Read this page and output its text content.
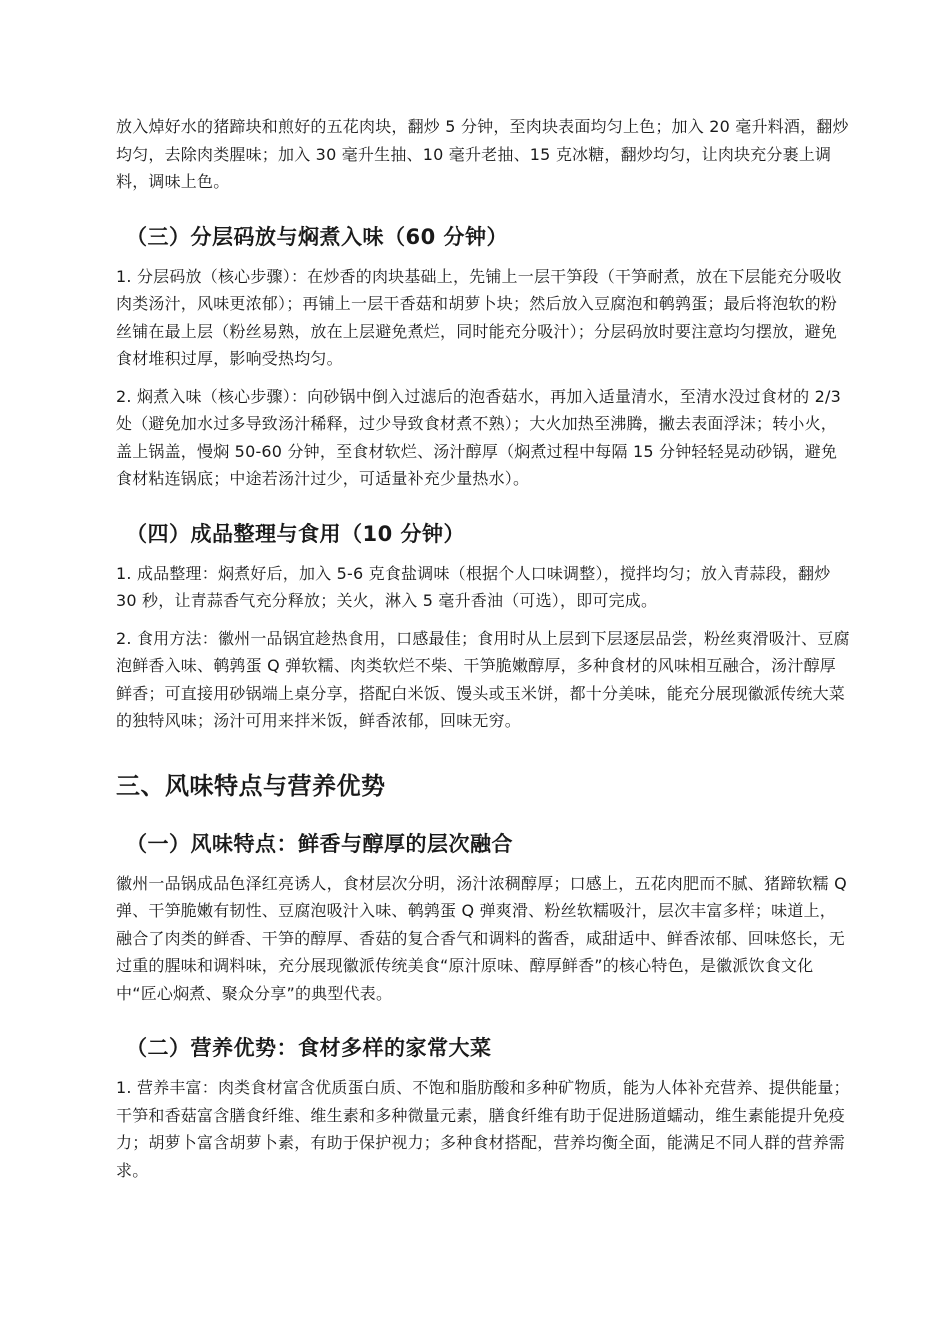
放入焯好水的猪蹄块和煎好的五花肉块，翻炒 5 分钟，至肉块表面均匀上色；加入 20 毫升料酒，翻炒均匀，去除肉类腥味；加入 30 毫升生抽、10 毫升老抽、15 克冰糖，翻炒均匀，让肉块充分裹上调料，调味上色。

（三）分层码放与焖煮入味（60 分钟）

1. 分层码放（核心步骤）：在炒香的肉块基础上，先铺上一层干笋段（干笋耐煮，放在下层能充分吸收肉类汤汁，风味更浓郁）；再铺上一层干香菇和胡萝卜块；然后放入豆腐泡和鹌鹑蛋；最后将泡软的粉丝铺在最上层（粉丝易熟，放在上层避免煮烂，同时能充分吸汁）；分层码放时要注意均匀摆放，避免食材堆积过厚，影响受热均匀。

2. 焖煮入味（核心步骤）：向砂锅中倒入过滤后的泡香菇水，再加入适量清水，至清水没过食材的 2/3 处（避免加水过多导致汤汁稀释，过少导致食材煮不熟）；大火加热至沸腾，撇去表面浮沫；转小火，盖上锅盖，慢焖 50-60 分钟，至食材软烂、汤汁醇厚（焖煮过程中每隔 15 分钟轻轻晃动砂锅，避免食材粘连锅底；中途若汤汁过少，可适量补充少量热水）。

（四）成品整理与食用（10 分钟）

1. 成品整理：焖煮好后，加入 5-6 克食盐调味（根据个人口味调整），搅拌均匀；放入青蒜段，翻炒 30 秒，让青蒜香气充分释放；关火，淋入 5 毫升香油（可选），即可完成。

2. 食用方法：徽州一品锅宜趁热食用，口感最佳；食用时从上层到下层逐层品尝，粉丝爽滑吸汁、豆腐泡鲜香入味、鹌鹑蛋 Q 弹软糯、肉类软烂不柴、干笋脆嫩醇厚，多种食材的风味相互融合，汤汁醇厚鲜香；可直接用砂锅端上桌分享，搭配白米饭、馒头或玉米饼，都十分美味，能充分展现徽派传统大菜的独特风味；汤汁可用来拌米饭，鲜香浓郁，回味无穷。

三、风味特点与营养优势
（一）风味特点：鲜香与醇厚的层次融合

徽州一品锅成品色泽红亮诱人，食材层次分明，汤汁浓稠醇厚；口感上，五花肉肥而不腻、猪蹄软糯 Q 弹、干笋脆嫩有韧性、豆腐泡吸汁入味、鹌鹑蛋 Q 弹爽滑、粉丝软糯吸汁，层次丰富多样；味道上，融合了肉类的鲜香、干笋的醇厚、香菇的复合香气和调料的酱香，咸甜适中、鲜香浓郁、回味悠长，无过重的腥味和调料味，充分展现徽派传统美食“原汁原味、醇厚鲜香”的核心特色，是徽派饮食文化中“匠心焖煮、聚众分享”的典型代表。

（二）营养优势：食材多样的家常大菜

1. 营养丰富：肉类食材富含优质蛋白质、不饱和脂肪酸和多种矿物质，能为人体补充营养、提供能量；干笋和香菇富含膳食纤维、维生素和多种微量元素，膳食纤维有助于促进肠道蠕动，维生素能提升免疫力；胡萝卜富含胡萝卜素，有助于保护视力；多种食材搭配，营养均衡全面，能满足不同人群的营养需求。
